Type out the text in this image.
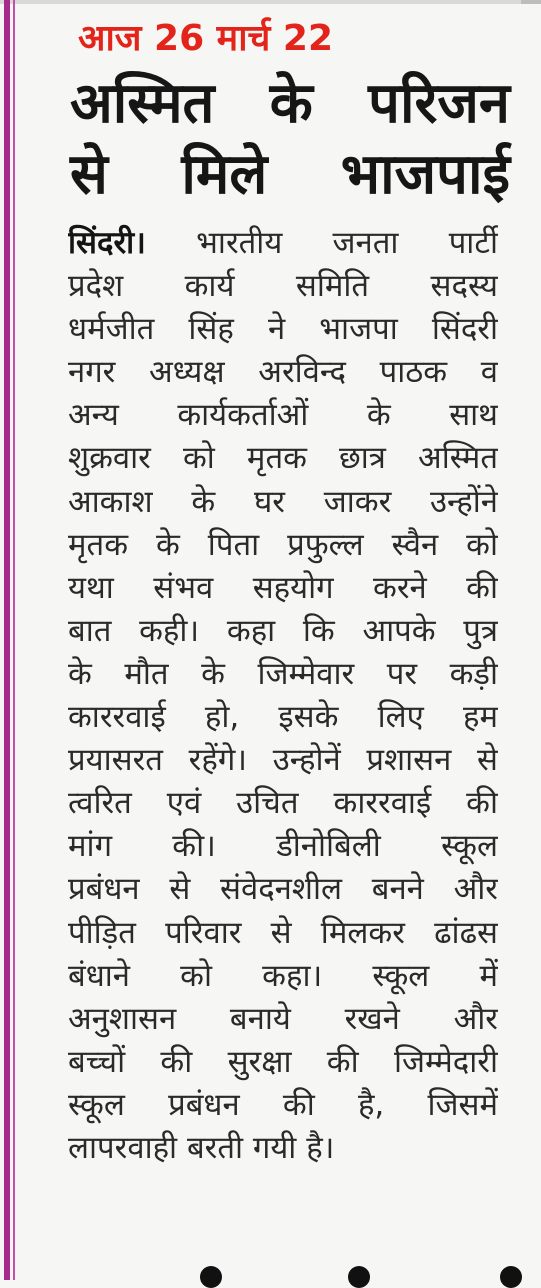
आज 26 मार्च 22
अस्मित के परिजन
से मिले भाजपाई
सिंदरी। भारतीय जनता पार्टी
प्रदेश कार्य समिति सदस्य
धर्मजीत सिंह ने भाजपा सिंदरी
नगर अध्यक्ष अरविन्द पाठक व
अन्य कार्यकर्ताओं के साथ
शुक्रवार को मृतक छात्र अस्मित
आकाश के घर जाकर उन्होंने
मृतक के पिता प्रफुल्ल स्वैन को
यथा संभव सहयोग करने की
बात कही। कहा कि आपके पुत्र
के मौत के जिम्मेवार पर कड़ी
काररवाई हो, इसके लिए हम
प्रयासरत रहेंगे। उन्होनें प्रशासन से
त्वरित एवं उचित काररवाई की
मांग की। डीनोबिली स्कूल
प्रबंधन से संवेदनशील बनने और
पीड़ित परिवार से मिलकर ढांढस
बंधाने को कहा। स्कूल में
अनुशासन बनाये रखने और
बच्चों की सुरक्षा की जिम्मेदारी
स्कूल प्रबंधन की है, जिसमें
लापरवाही बरती गयी है।
